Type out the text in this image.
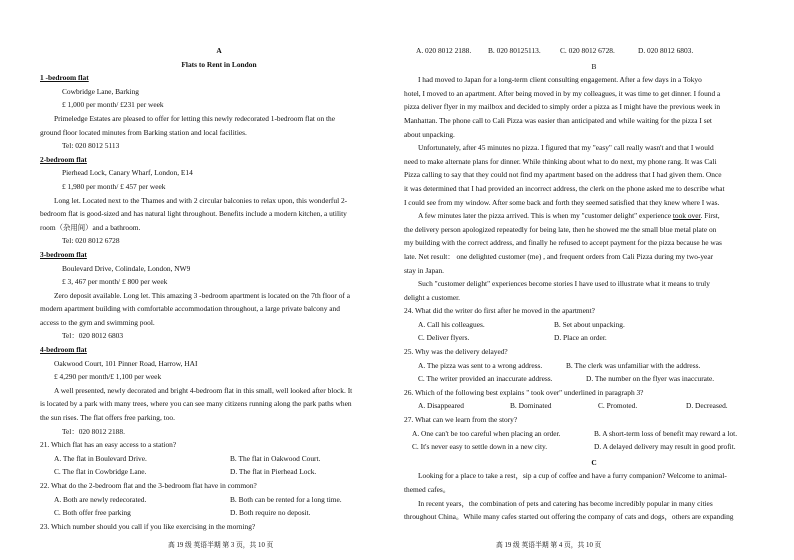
A
Flats to Rent in London
1 -bedroom flat
Cowbridge Lane, Barking
£ 1,000 per month/ £231 per week
Primeledge Estates are pleased to offer for letting this newly redecorated 1-bedroom flat on the
ground floor located minutes from Barking station and local facilities.
Tel: 020 8012 5113
2-bedroom flat
Pierhead Lock, Canary Wharf, London, E14
£ 1,980 per month/ £ 457 per week
Long let. Located next to the Thames and with 2 circular balconies to relax upon, this wonderful 2-
bedroom flat is good-sized and has natural light throughout. Benefits include a modern kitchen, a utility
room（杂用间）and a bathroom.
Tel: 020 8012 6728
3-bedroom flat
Boulevard Drive, Colindale, London, NW9
£ 3, 467 per month/ £ 800 per week
Zero deposit available. Long let. This amazing 3 -bedroom apartment is located on the 7th floor of a
modern apartment building with comfortable accommodation throughout, a large private balcony and
access to the gym and swimming pool.
Tel：020 8012 6803
4-bedroom flat
Oakwood Court, 101 Pinner Road, Harrow, HAI
£ 4,290 per month/£ 1,100 per week
A well presented, newly decorated and bright 4-bedroom flat in this small, well looked after block. It
is located by a park with many trees, where you can see many citizens running along the park paths when
the sun rises. The flat offers free parking, too.
Tel：020 8012 2188.
21. Which flat has an easy access to a station?
A. The flat in Boulevard Drive.	B. The flat in Oakwood Court.
C. The flat in Cowbridge Lane.	D. The flat in Pierhead Lock.
22. What do the 2-bedroom flat and the 3-bedroom flat have in common?
A. Both are newly redecorated.	B. Both can be rented for a long time.
C. Both offer free parking	D. Both require no deposit.
23. Which number should you call if you like exercising in the morning?
A. 020 8012 2188.	B. 020 80125113.	C. 020 8012 6728.	D. 020 8012 6803.
B
I had moved to Japan for a long-term client consulting engagement. After a few days in a Tokyo
hotel, I moved to an apartment. After being moved in by my colleagues, it was time to get dinner. I found a
pizza deliver flyer in my mailbox and decided to simply order a pizza as I might have the previous week in
Manhattan. The phone call to Cali Pizza was easier than anticipated and while waiting for the pizza I set
about unpacking.
Unfortunately, after 45 minutes no pizza. I figured that my "easy" call really wasn't and that I would
need to make alternate plans for dinner. While thinking about what to do next, my phone rang. It was Cali
Pizza calling to say that they could not find my apartment based on the address that I had given them. Once
it was determined that I had provided an incorrect address, the clerk on the phone asked me to describe what
I could see from my window. After some back and forth they seemed satisfied that they knew where I was.
A few minutes later the pizza arrived. This is when my "customer delight" experience took over. First,
the delivery person apologized repeatedly for being late, then he showed me the small blue metal plate on
my building with the correct address, and finally he refused to accept payment for the pizza because he was
late. Net result： one delighted customer (me) , and frequent orders from Cali Pizza during my two-year
stay in Japan.
Such "customer delight" experiences become stories I have used to illustrate what it means to truly
delight a customer.
24. What did the writer do first after he moved in the apartment?
A. Call his colleagues.	B. Set about unpacking.
C. Deliver flyers.	D. Place an order.
25. Why was the delivery delayed?
A. The pizza was sent to a wrong address.	B. The clerk was unfamiliar with the address.
C. The writer provided an inaccurate address.	D. The number on the flyer was inaccurate.
26. Which of the following best explains " took over" underlined in paragraph 3?
A. Disappeared	B. Dominated	C. Promoted.	D. Decreased.
27. What can we learn from the story?
A. One can't be too careful when placing an order.	B. A short-term loss of benefit may reward a lot.
C. It's never easy to settle down in a new city.	D. A delayed delivery may result in good profit.
C
Looking for a place to take a rest，sip a cup of coffee and have a furry companion? Welcome to animal-
themed cafes。
In recent years，the combination of pets and catering has become incredibly popular in many cities
throughout China。While many cafes started out offering the company of cats and dogs，others are expanding
高 19 级 英语半期 第 3 页，共 10 页	高 19 级 英语半期 第 4 页，共 10 页
